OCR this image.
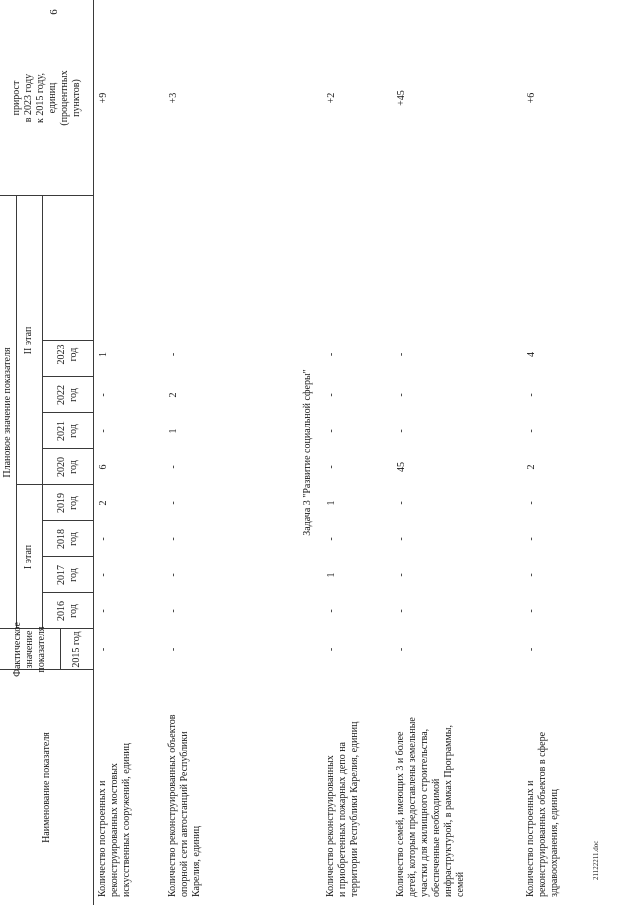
6
21122211.doc
Наименование показателя
Фактическое значение показателя
Плановое значение показателя
I этап
II этап
прирост в 2023 году к 2015 году, единиц (процентных пунктов)
2015 год
2016 год
2017 год
2018 год
2019 год
2020 год
2021 год
2022 год
2023 год
Количество построенных и реконструированных мостовых искусственных сооружений, единиц
-
-
-
-
2
6
-
-
1
+9
Количество реконструированных объектов опорной сети автостанций Республики Карелия, единиц
-
-
-
-
-
-
1
2
-
+3
Количество реконструированных и приобретенных пожарных депо на территории Республики Карелия, единиц
-
-
1
-
1
-
-
-
-
+2
Количество семей, имеющих 3 и более детей, которым предоставлены земельные участки для жилищного строительства, обеспеченные необходимой инфраструктурой, в рамках Программы, семей
-
-
-
-
-
45
-
-
-
+45
Количество построенных и реконструированных объектов в сфере здравоохранения, единиц
-
-
-
-
-
2
-
-
4
+6
Задача 3 "Развитие социальной сферы"
